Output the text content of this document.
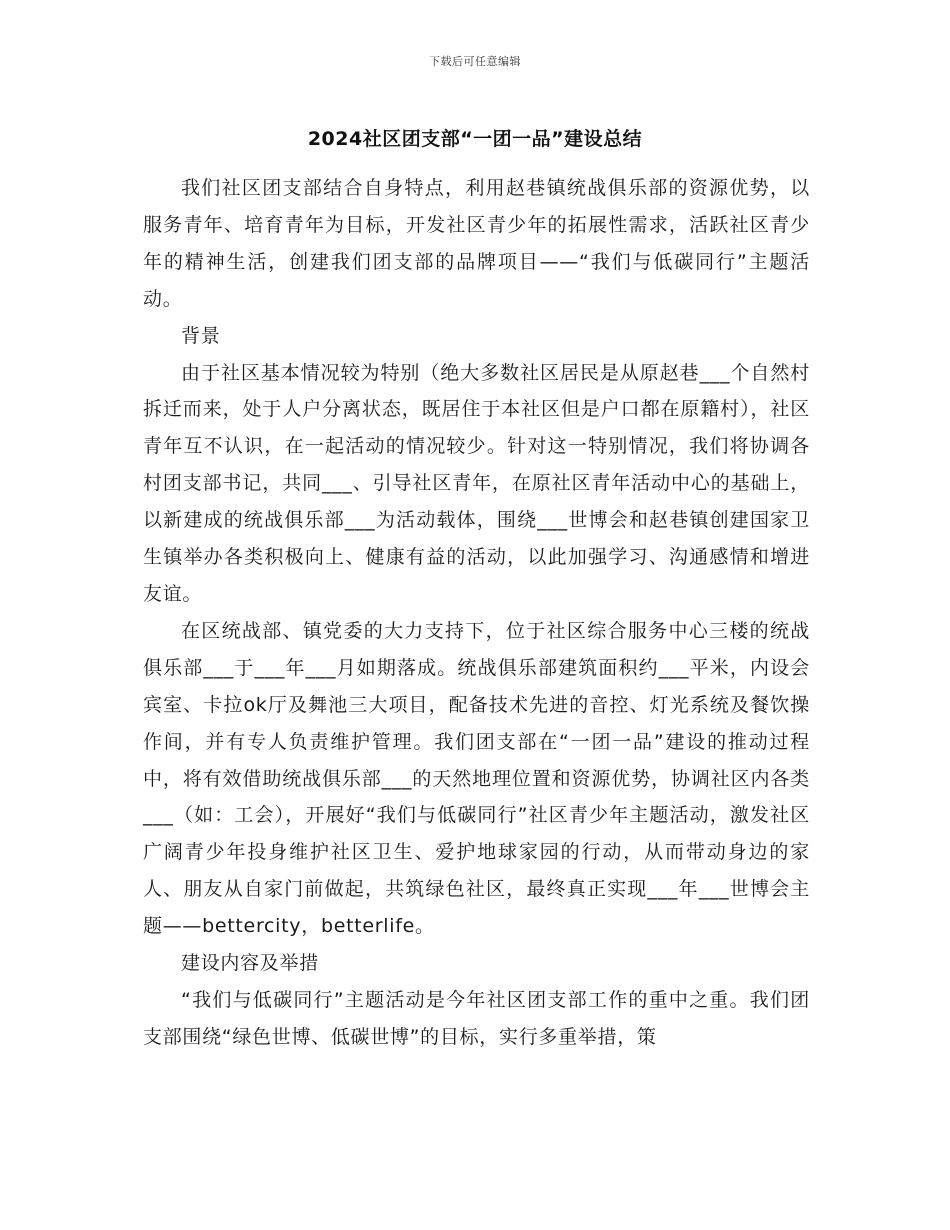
下载后可任意编辑
2024社区团支部“一团一品”建设总结

我们社区团支部结合自身特点，利用赵巷镇统战俱乐部的资源优势，以服务青年、培育青年为目标，开发社区青少年的拓展性需求，活跃社区青少年的精神生活，创建我们团支部的品牌项目——“我们与低碳同行”主题活动。

背景

由于社区基本情况较为特别（绝大多数社区居民是从原赵巷___个自然村拆迁而来，处于人户分离状态，既居住于本社区但是户口都在原籍村），社区青年互不认识，在一起活动的情况较少。针对这一特别情况，我们将协调各村团支部书记，共同___、引导社区青年，在原社区青年活动中心的基础上，以新建成的统战俱乐部___为活动载体，围绕___世博会和赵巷镇创建国家卫生镇举办各类积极向上、健康有益的活动，以此加强学习、沟通感情和增进友谊。

在区统战部、镇党委的大力支持下，位于社区综合服务中心三楼的统战俱乐部___于___年___月如期落成。统战俱乐部建筑面积约___平米，内设会宾室、卡拉ok厅及舞池三大项目，配备技术先进的音控、灯光系统及餐饮操作间，并有专人负责维护管理。我们团支部在“一团一品”建设的推动过程中，将有效借助统战俱乐部___的天然地理位置和资源优势，协调社区内各类___（如：工会），开展好“我们与低碳同行”社区青少年主题活动，激发社区广阔青少年投身维护社区卫生、爱护地球家园的行动，从而带动身边的家人、朋友从自家门前做起，共筑绿色社区，最终真正实现___年___世博会主题——bettercity，betterlife。

建设内容及举措

“我们与低碳同行”主题活动是今年社区团支部工作的重中之重。我们团支部围绕“绿色世博、低碳世博”的目标，实行多重举措，策
